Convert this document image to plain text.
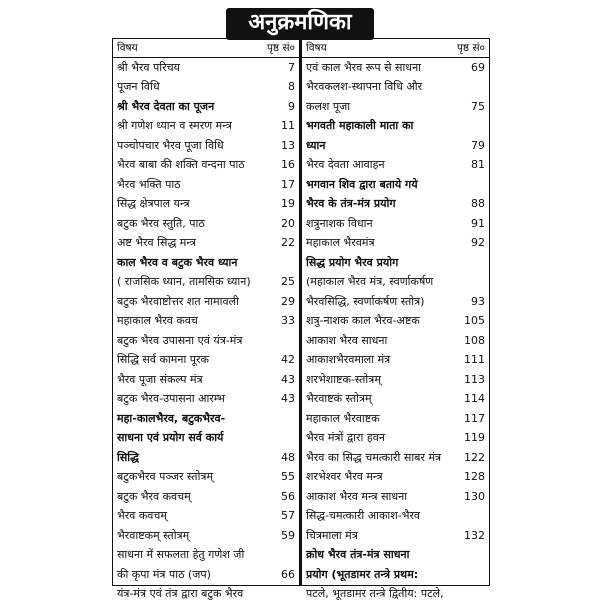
अनुक्रमणिका
विषय	पृष्ठ सं०
श्री भैरव परिचय	7
पूजन विधि	8
श्री भैरव देवता का पूजन	9
श्री गणेश ध्यान व स्मरण मन्त्र	11
पञ्चोपचार भैरव पूजा विधि	13
भैरव बाबा की शक्ति वन्दना पाठ	16
भैरव भक्ति पाठ	17
सिद्ध क्षेत्रपाल यन्त्र	19
बटुक भैरव स्तुति, पाठ	20
अष्ट भैरव सिद्ध मन्त्र	22
काल भैरव व बटुक भैरव ध्यान
( राजसिक ध्यान, तामसिक ध्यान)	25
बटुक भैरवाष्टोत्तर शत नामावली	29
महाकाल भैरव कवच	33
बटुक भैरव उपासना एवं यंत्र-मंत्र
सिद्धि सर्व कामना पूरक	42
भैरव पूजा संकल्प मंत्र	43
बटुक भैरव-उपासना आरम्भ	43
महा-कालभैरव, बटुकभैरव-
साधना एवं प्रयोग सर्व कार्य
सिद्धि	48
बटुकभैरव पञ्जर स्तोत्रम्	55
बटुक भैरव कवचम्	56
भैरव कवचम्	57
भैरवाष्टकम् स्तोत्रम्	59
साधना में सफलता हेतु गणेश जी
की कृपा मंत्र पाठ (जप)	66
यंत्र-मंत्र एवं तंत्र द्वारा बटुक भैरव
विषय	पृष्ठ सं०
एवं काल भैरव रूप से साधना	69
भैरवकलश-स्थापना विधि और
कलश पूजा	75
भगवती महाकाली माता का
ध्यान	79
भैरव देवता आवाहन	81
भगवान शिव द्वारा बताये गये
भैरव के तंत्र-मंत्र प्रयोग	88
शत्रुनाशक विधान	91
महाकाल भैरवमंत्र	92
सिद्ध प्रयोग भैरव प्रयोग
(महाकाल भैरव मंत्र, स्वर्णाकर्षण
भैरवसिद्धि, स्वर्णाकर्षण स्तोत्र)	93
शत्रु-नाशक काल भैरव-अष्टक	105
आकाश भैरव साधना	108
आकाशभैरवमाला मंत्र	111
शरभेशाष्टक-स्तोत्रम्	113
भैरवाष्टकं स्तोत्रम्	114
महाकाल भैरवाष्टक	117
भैरव मंत्रों द्वारा हवन	119
भैरव का सिद्ध चमत्कारी साबर मंत्र 122
शरभेश्वर भैरव मन्त्र	128
आकाश भैरव मन्त्र साधना	130
सिद्ध-चमत्कारी आकाश-भैरव
चित्रमाला मंत्र	132
क्रोध भैरव तंत्र-मंत्र साधना
प्रयोग (भूतडामर तन्त्रे प्रथम:
पटले, भूतडामर तन्त्रे द्वितीय: पटले,
